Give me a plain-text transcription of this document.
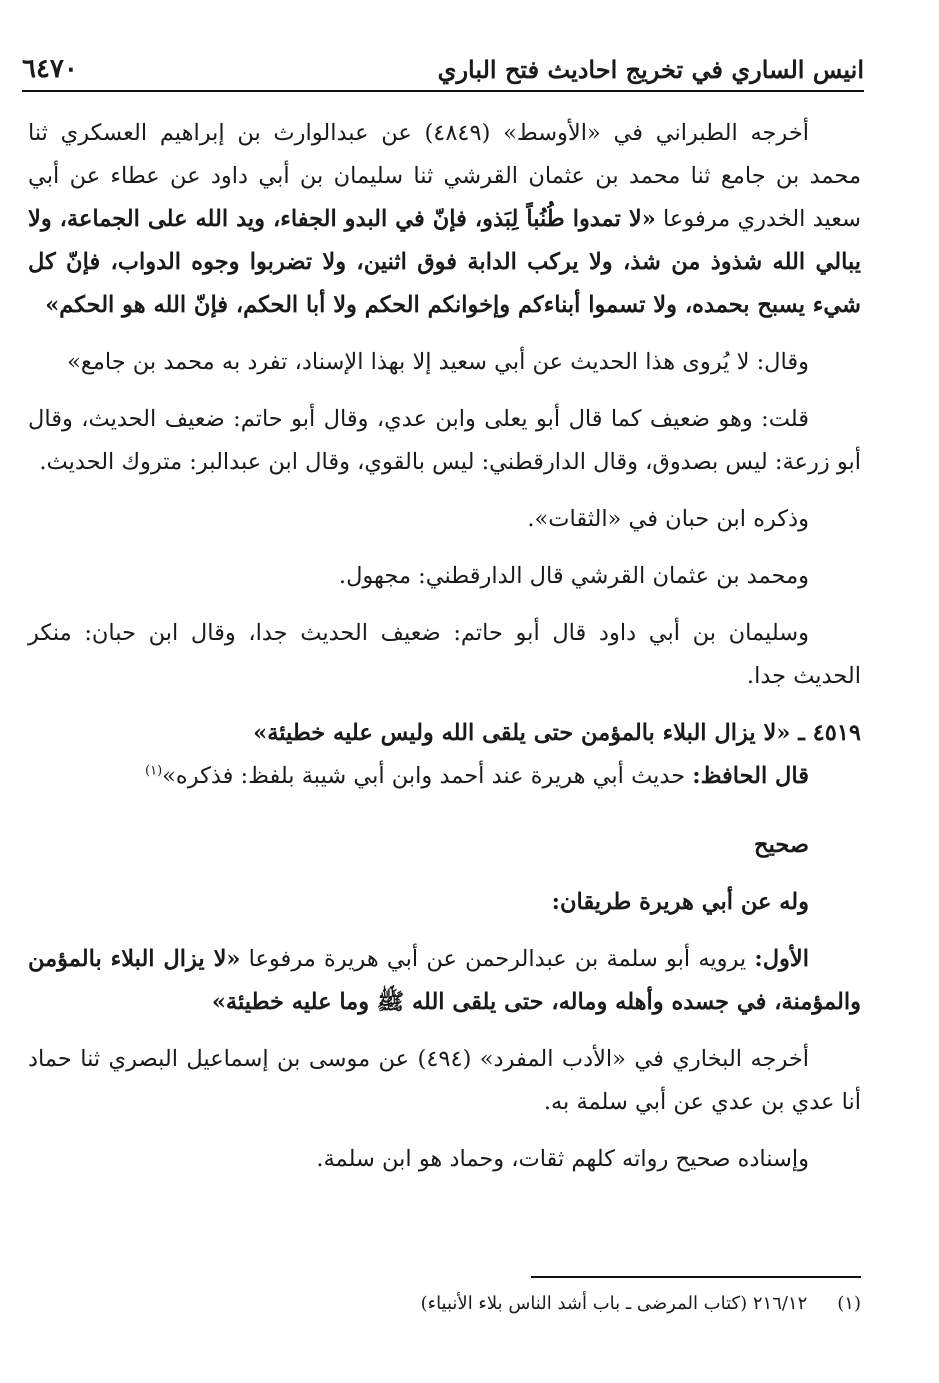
انيس الساري في تخريج احاديث فتح الباري
٦٤٧٠

أخرجه الطبراني في «الأوسط» (٤٨٤٩) عن عبدالوارث بن إبراهيم العسكري ثنا محمد بن جامع ثنا محمد بن عثمان القرشي ثنا سليمان بن أبي داود عن عطاء عن أبي سعيد الخدري مرفوعا «لا تمدوا طُنُباً لِبَذو، فإنّ في البدو الجفاء، ويد الله على الجماعة، ولا يبالي الله شذوذ من شذ، ولا يركب الدابة فوق اثنين، ولا تضربوا وجوه الدواب، فإنّ كل شيء يسبح بحمده، ولا تسموا أبناءكم وإخوانكم الحكم ولا أبا الحكم، فإنّ الله هو الحكم»

وقال: لا يُروى هذا الحديث عن أبي سعيد إلا بهذا الإسناد، تفرد به محمد بن جامع»

قلت: وهو ضعيف كما قال أبو يعلى وابن عدي، وقال أبو حاتم: ضعيف الحديث، وقال أبو زرعة: ليس بصدوق، وقال الدارقطني: ليس بالقوي، وقال ابن عبدالبر: متروك الحديث.

وذكره ابن حبان في «الثقات».

ومحمد بن عثمان القرشي قال الدارقطني: مجهول.

وسليمان بن أبي داود قال أبو حاتم: ضعيف الحديث جدا، وقال ابن حبان: منكر الحديث جدا.

٤٥١٩ ـ «لا يزال البلاء بالمؤمن حتى يلقى الله وليس عليه خطيئة»

قال الحافظ: حديث أبي هريرة عند أحمد وابن أبي شيبة بلفظ: فذكره»$^{(١)}$

صحيح

وله عن أبي هريرة طريقان:

الأول: يرويه أبو سلمة بن عبدالرحمن عن أبي هريرة مرفوعا «لا يزال البلاء بالمؤمن والمؤمنة، في جسده وأهله وماله، حتى يلقى الله ﷺ وما عليه خطيئة»

أخرجه البخاري في «الأدب المفرد» (٤٩٤) عن موسى بن إسماعيل البصري ثنا حماد أنا عدي بن عدي عن أبي سلمة به.

وإسناده صحيح رواته كلهم ثقات، وحماد هو ابن سلمة.

(١)٢١٦/١٢ (كتاب المرضى ـ باب أشد الناس بلاء الأنبياء)
